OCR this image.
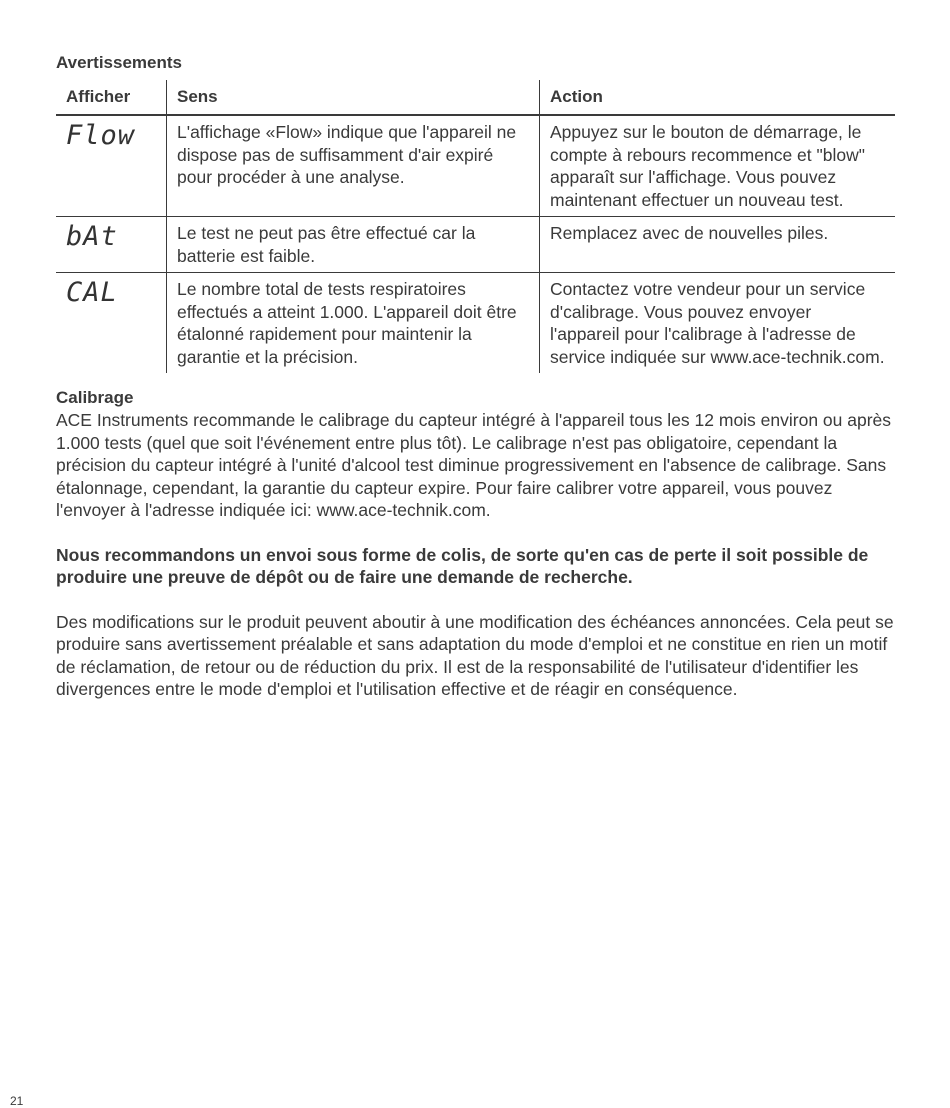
Avertissements
Afficher	Sens	Action
Flow	L'affichage «Flow» indique que l'appareil ne dispose pas de suffisamment d'air expiré pour procéder à une analyse.	Appuyez sur le bouton de démarrage, le compte à rebours recommence et "blow" apparaît sur l'affichage. Vous pouvez maintenant effectuer un nouveau test.
bAt	Le test ne peut pas être effectué car la batterie est faible.	Remplacez avec de nouvelles piles.
CAL	Le nombre total de tests respiratoires effectués a atteint 1.000. L'appareil doit être étalonné rapidement pour maintenir la garantie et la précision.	Contactez votre vendeur pour un service d'calibrage. Vous pouvez envoyer l'appareil pour l'calibrage à l'adresse de service indiquée sur www.ace-technik.com.
Calibrage

ACE Instruments recommande le calibrage du capteur intégré à l'appareil tous les 12 mois environ ou après 1.000 tests (quel que soit l'événement entre plus tôt). Le calibrage n'est pas obligatoire, cependant la précision du capteur intégré à l'unité d'alcool test diminue progressivement en l'absence de calibrage. Sans étalonnage, cependant, la garantie du capteur expire. Pour faire calibrer votre appareil, vous pouvez l'envoyer à l'adresse indiquée ici: www.ace-technik.com.

Nous recommandons un envoi sous forme de colis, de sorte qu'en cas de perte il soit possible de produire une preuve de dépôt ou de faire une demande de recherche.

Des modifications sur le produit peuvent aboutir à une modification des échéances annoncées. Cela peut se produire sans avertissement préalable et sans adaptation du mode d'emploi et ne constitue en rien un motif de réclamation, de retour ou de réduction du prix. Il est de la responsabilité de l'utilisateur d'identifier les divergences entre le mode d'emploi et l'utilisation effective et de réagir en conséquence.

21
